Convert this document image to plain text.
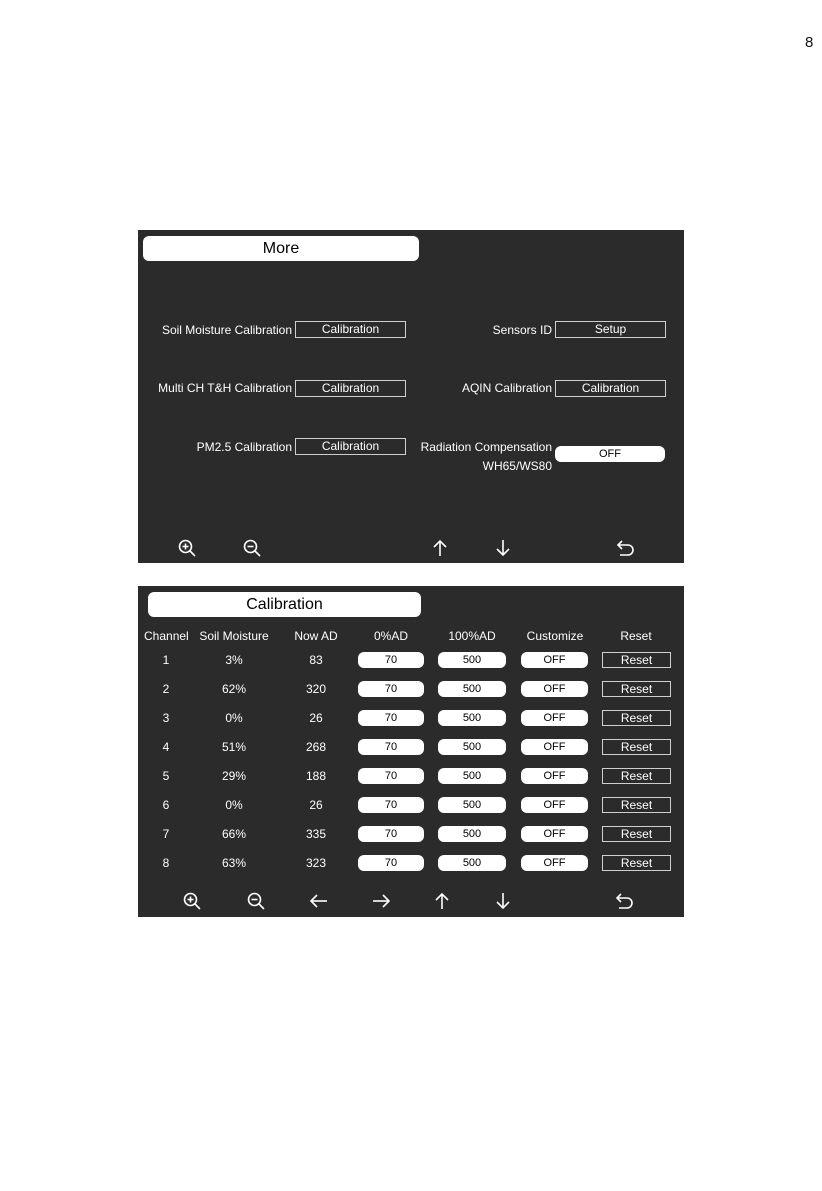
8
More
Soil Moisture Calibration	Calibration
Multi CH T&H Calibration	Calibration
PM2.5 Calibration	Calibration
Sensors ID	Setup
AQIN Calibration	Calibration
Radiation Compensation
WH65/WS80
OFF
Calibration
Channel Soil Moisture	Now AD	0%AD	100%AD	Customize	Reset
1	3%	83	70	500	OFF	Reset
2	62%	320	70	500	OFF	Reset
3	0%	26	70	500	OFF	Reset
4	51%	268	70	500	OFF	Reset
5	29%	188	70	500	OFF	Reset
6	0%	26	70	500	OFF	Reset
7	66%	335	70	500	OFF	Reset
8	63%	323	70	500	OFF	Reset
